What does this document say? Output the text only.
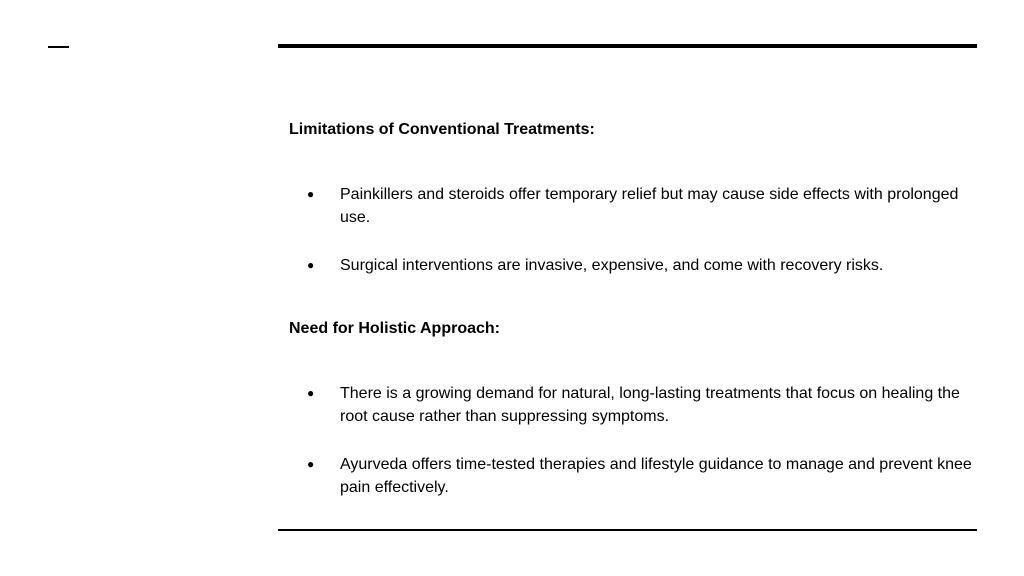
Limitations of Conventional Treatments:
● Painkillers and steroids offer temporary relief but may cause side effects with prolonged use.
● Surgical interventions are invasive, expensive, and come with recovery risks.
Need for Holistic Approach:
● There is a growing demand for natural, long-lasting treatments that focus on healing the root cause rather than suppressing symptoms.
● Ayurveda offers time-tested therapies and lifestyle guidance to manage and prevent knee pain effectively.
